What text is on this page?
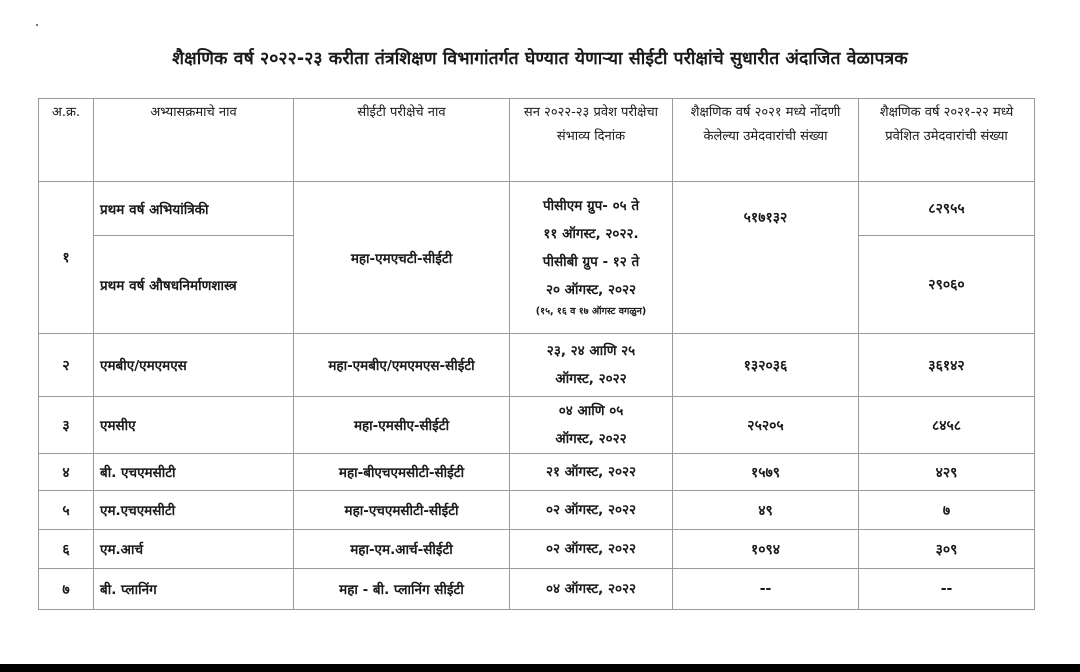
शैक्षणिक वर्ष २०२२-२३ करीता तंत्रशिक्षण विभागांतर्गत घेण्यात येणाऱ्या सीईटी परीक्षांचे सुधारीत अंदाजित वेळापत्रक
अ.क्र.	अभ्यासक्रमाचे नाव	सीईटी परीक्षेचे नाव	सन २०२२-२३ प्रवेश परीक्षेचा संभाव्य दिनांक	शैक्षणिक वर्ष २०२१ मध्ये नोंदणी केलेल्या उमेदवारांची संख्या	शैक्षणिक वर्ष २०२१-२२ मध्ये प्रवेशित उमेदवारांची संख्या
१	प्रथम वर्ष अभियांत्रिकी	महा-एमएचटी-सीईटी	पीसीएम ग्रुप- ०५ ते
११ ऑगस्ट, २०२२.
पीसीबी ग्रुप - १२ ते
२० ऑगस्ट, २०२२
(१५, १६ व १७ ऑगस्ट वगळुन)	५१७१३२	८२९५५
	प्रथम वर्ष औषधनिर्माणशास्त्र				२९०६०
२	एमबीए/एमएमएस	महा-एमबीए/एमएमएस-सीईटी	२३, २४ आणि २५
ऑगस्ट, २०२२	१३२०३६	३६१४२
३	एमसीए	महा-एमसीए-सीईटी	०४ आणि ०५
ऑगस्ट, २०२२	२५२०५	८४५८
४	बी. एचएमसीटी	महा-बीएचएमसीटी-सीईटी	२१ ऑगस्ट, २०२२	१५७९	४२९
५	एम.एचएमसीटी	महा-एचएमसीटी-सीईटी	०२ ऑगस्ट, २०२२	४९	७
६	एम.आर्च	महा-एम.आर्च-सीईटी	०२ ऑगस्ट, २०२२	१०९४	३०९
७	बी. प्लानिंग	महा - बी. प्लानिंग सीईटी	०४ ऑगस्ट, २०२२	--	--
